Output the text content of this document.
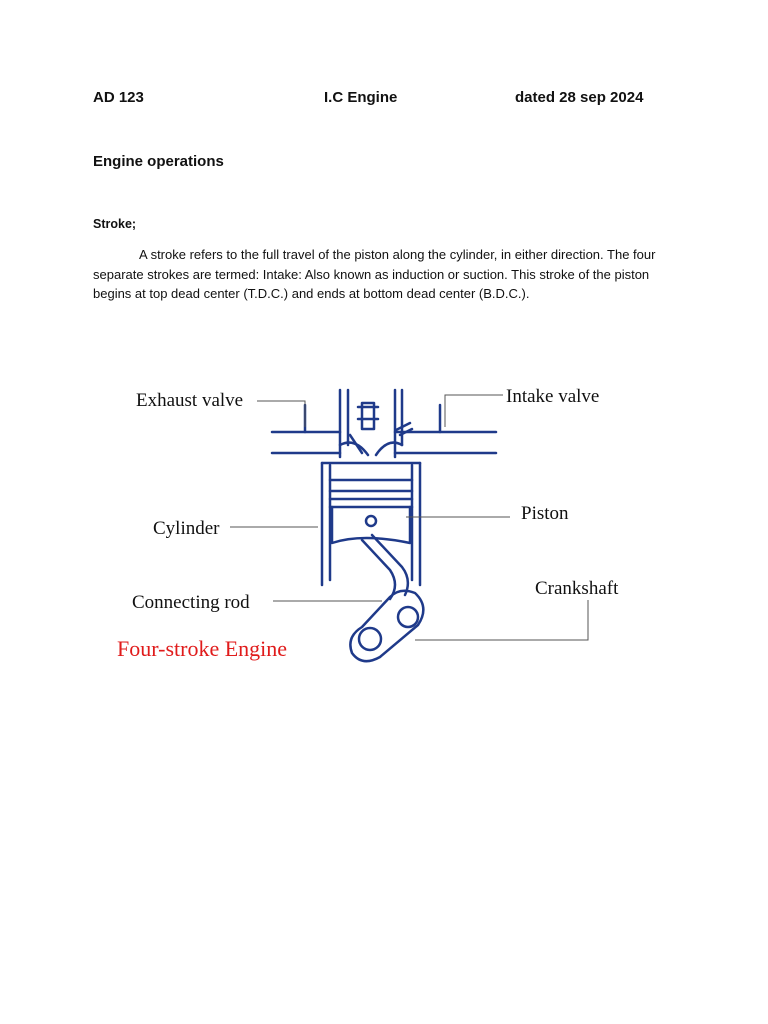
AD 123	I.C Engine	dated 28 sep 2024
Engine operations
Stroke;

A stroke refers to the full travel of the piston along the cylinder, in either direction. The four separate strokes are termed: Intake: Also known as induction or suction. This stroke of the piston begins at top dead center (T.D.C.) and ends at bottom dead center (B.D.C.).

Exhaust valve	Intake valve
Cylinder
Piston
Connecting rod
Crankshaft
Four-stroke Engine
